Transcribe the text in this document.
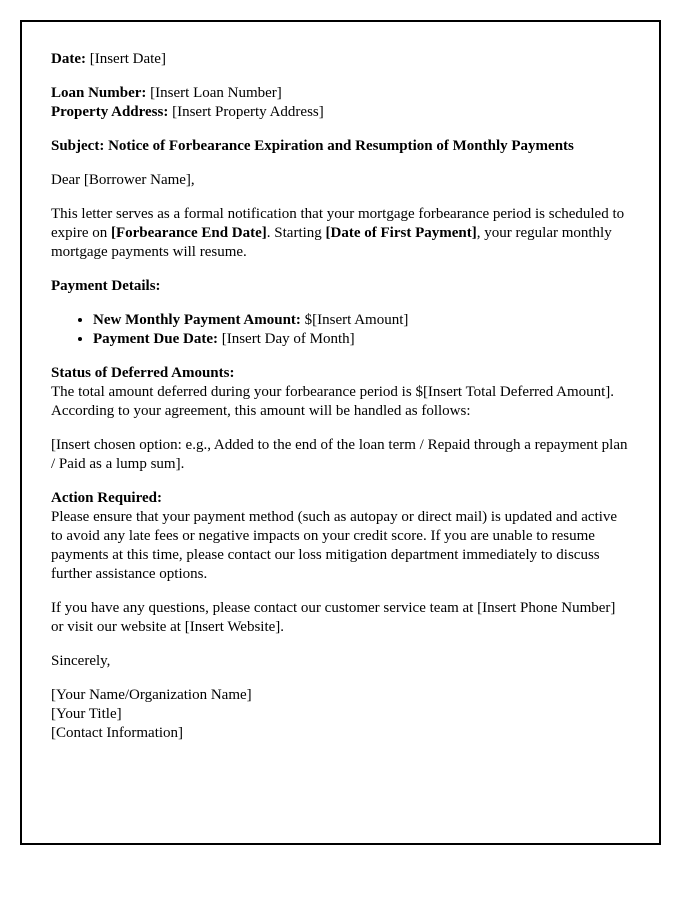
Date: [Insert Date]

Loan Number: [Insert Loan Number]
Property Address: [Insert Property Address]

Subject: Notice of Forbearance Expiration and Resumption of Monthly Payments

Dear [Borrower Name],

This letter serves as a formal notification that your mortgage forbearance period is scheduled to expire on [Forbearance End Date]. Starting [Date of First Payment], your regular monthly mortgage payments will resume.

Payment Details:

• New Monthly Payment Amount: $[Insert Amount]
• Payment Due Date: [Insert Day of Month]

Status of Deferred Amounts:
The total amount deferred during your forbearance period is $[Insert Total Deferred Amount]. According to your agreement, this amount will be handled as follows:

[Insert chosen option: e.g., Added to the end of the loan term / Repaid through a repayment plan / Paid as a lump sum].

Action Required:
Please ensure that your payment method (such as autopay or direct mail) is updated and active to avoid any late fees or negative impacts on your credit score. If you are unable to resume payments at this time, please contact our loss mitigation department immediately to discuss further assistance options.

If you have any questions, please contact our customer service team at [Insert Phone Number] or visit our website at [Insert Website].

Sincerely,

[Your Name/Organization Name]
[Your Title]
[Contact Information]
